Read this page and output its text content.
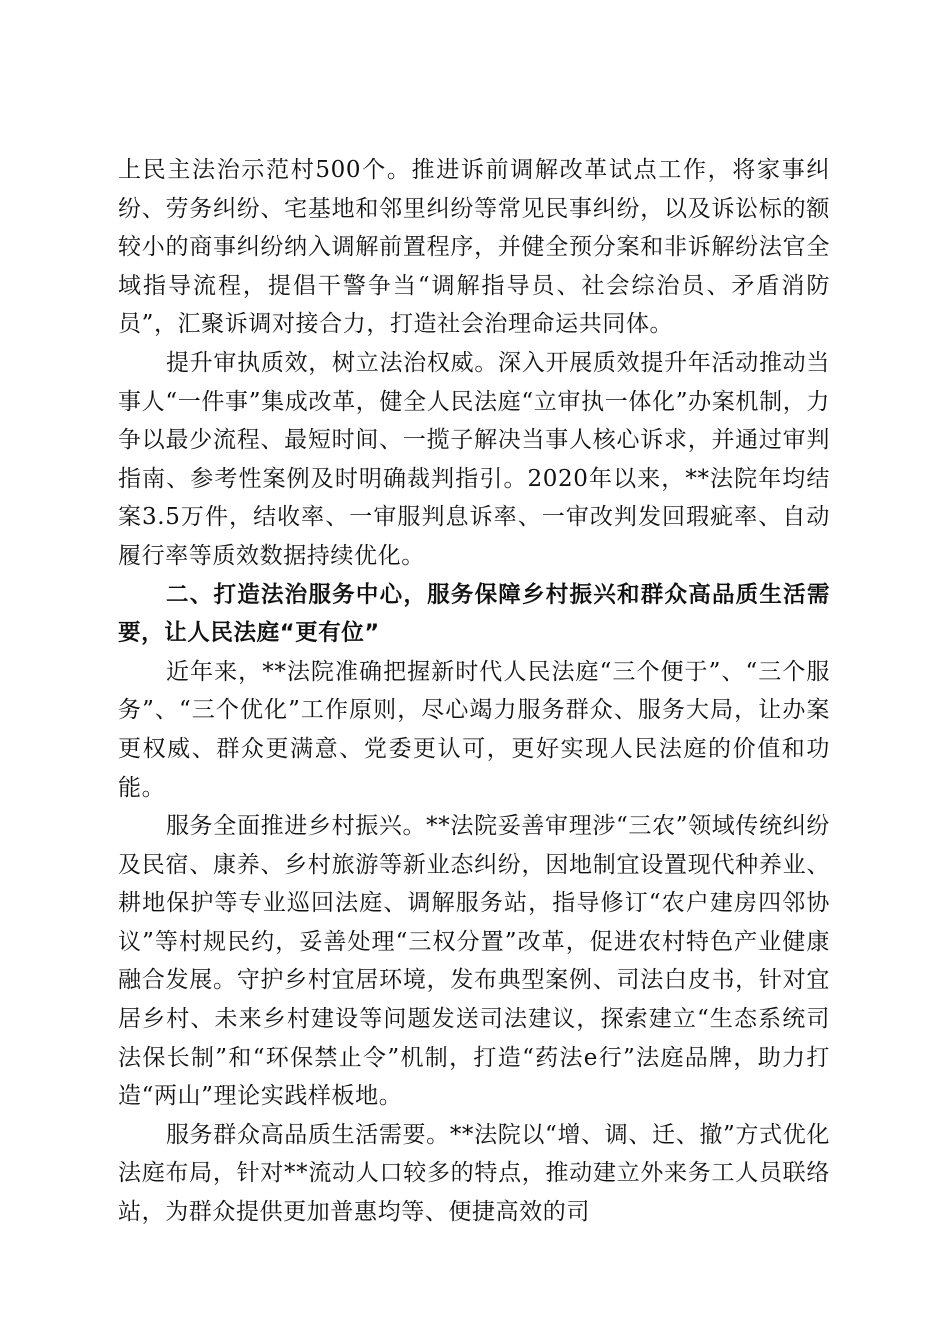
上民主法治示范村500个。推进诉前调解改革试点工作，将家事纠纷、劳务纠纷、宅基地和邻里纠纷等常见民事纠纷，以及诉讼标的额较小的商事纠纷纳入调解前置程序，并健全预分案和非诉解纷法官全域指导流程，提倡干警争当“调解指导员、社会综治员、矛盾消防员”，汇聚诉调对接合力，打造社会治理命运共同体。

提升审执质效，树立法治权威。深入开展质效提升年活动推动当事人“一件事”集成改革，健全人民法庭“立审执一体化”办案机制，力争以最少流程、最短时间、一揽子解决当事人核心诉求，并通过审判指南、参考性案例及时明确裁判指引。2020年以来，**法院年均结案3.5万件，结收率、一审服判息诉率、一审改判发回瑕疵率、自动履行率等质效数据持续优化。

二、打造法治服务中心，服务保障乡村振兴和群众高品质生活需要，让人民法庭“更有位”

近年来，**法院准确把握新时代人民法庭“三个便于”、“三个服务”、“三个优化”工作原则，尽心竭力服务群众、服务大局，让办案更权威、群众更满意、党委更认可，更好实现人民法庭的价值和功能。

服务全面推进乡村振兴。**法院妥善审理涉“三农”领域传统纠纷及民宿、康养、乡村旅游等新业态纠纷，因地制宜设置现代种养业、耕地保护等专业巡回法庭、调解服务站，指导修订“农户建房四邻协议”等村规民约，妥善处理“三权分置”改革，促进农村特色产业健康融合发展。守护乡村宜居环境，发布典型案例、司法白皮书，针对宜居乡村、未来乡村建设等问题发送司法建议，探索建立“生态系统司法保长制”和“环保禁止令”机制，打造“药法e行”法庭品牌，助力打造“两山”理论实践样板地。

服务群众高品质生活需要。**法院以“增、调、迁、撤”方式优化法庭布局，针对**流动人口较多的特点，推动建立外来务工人员联络站，为群众提供更加普惠均等、便捷高效的司
